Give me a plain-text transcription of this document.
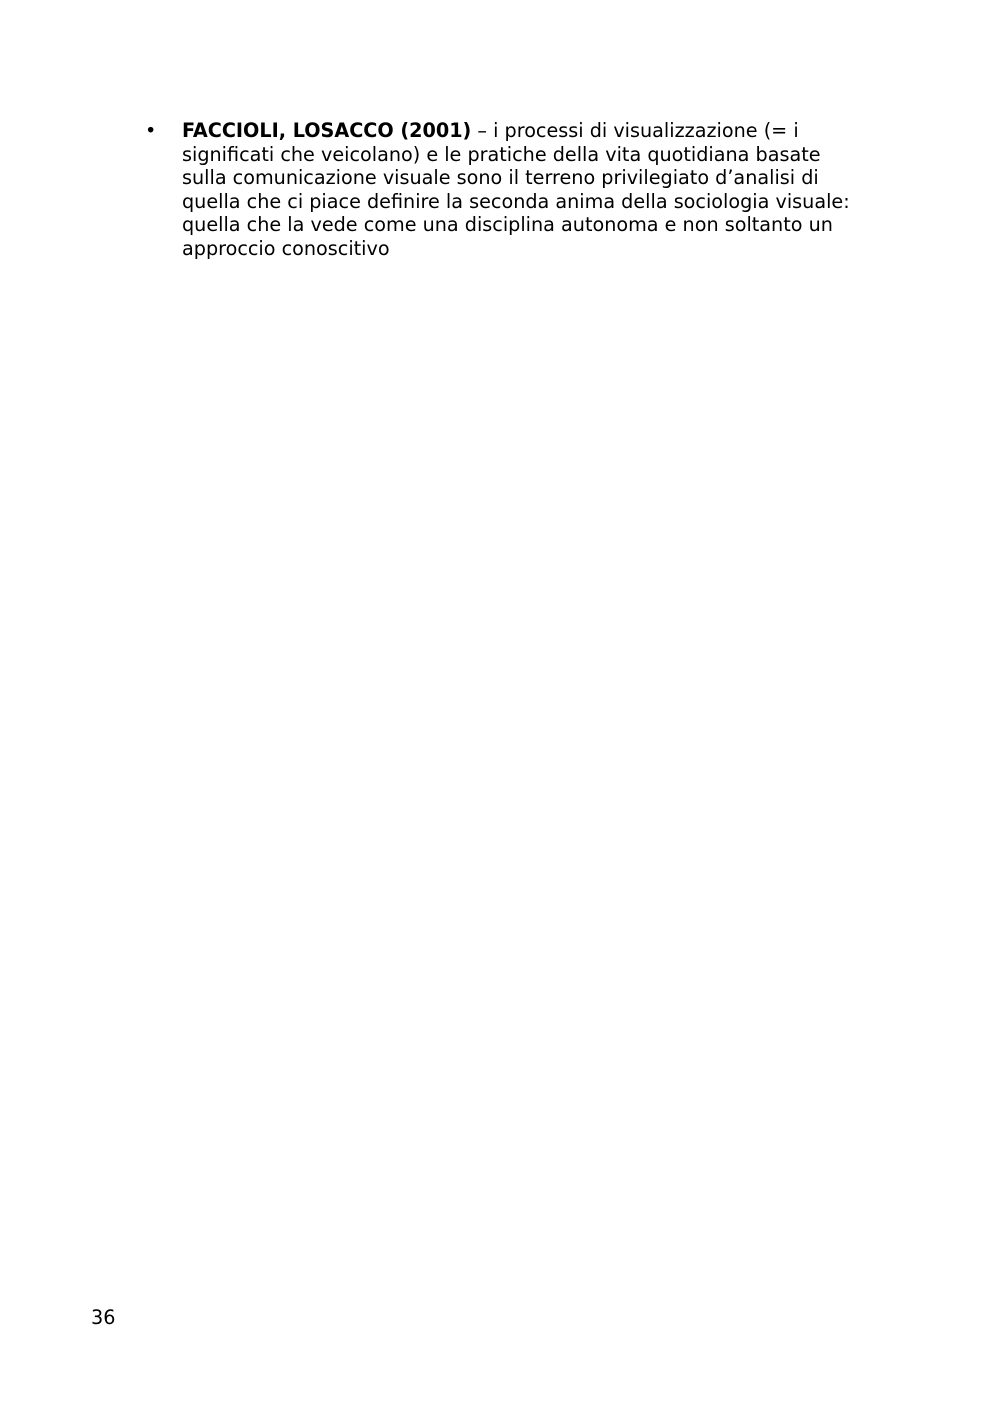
•	FACCIOLI, LOSACCO (2001) – i processi di visualizzazione (= i
significati che veicolano) e le pratiche della vita quotidiana basate
sulla comunicazione visuale sono il terreno privilegiato d’analisi di
quella che ci piace definire la seconda anima della sociologia visuale:
quella che la vede come una disciplina autonoma e non soltanto un
approccio conoscitivo
36
